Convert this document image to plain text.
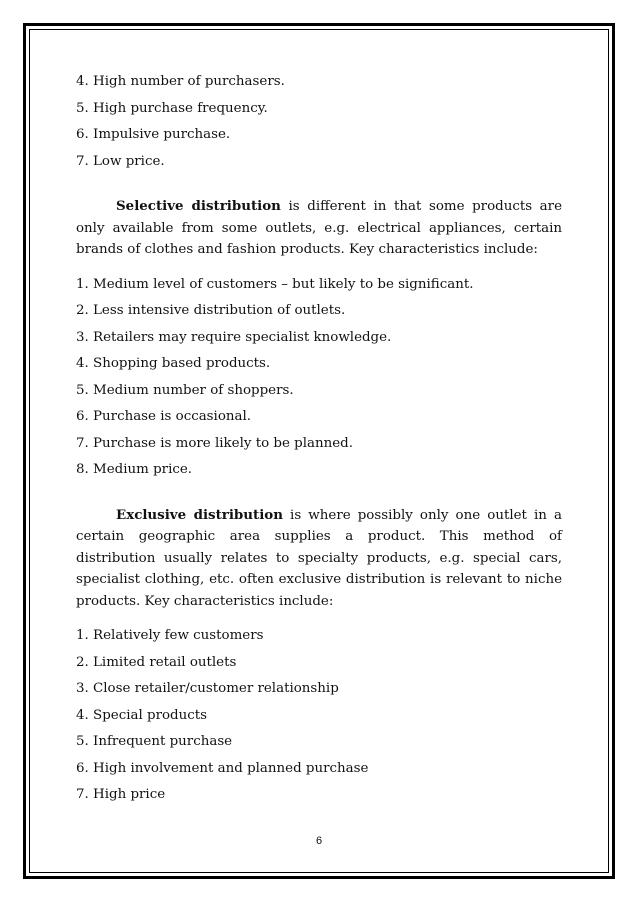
4. High number of purchasers.
5. High purchase frequency.
6. Impulsive purchase.
7. Low price.

Selective distribution is different in that some products are only available from some outlets, e.g. electrical appliances, certain brands of clothes and fashion products. Key characteristics include:

1. Medium level of customers – but likely to be significant.
2. Less intensive distribution of outlets.
3. Retailers may require specialist knowledge.
4. Shopping based products.
5. Medium number of shoppers.
6. Purchase is occasional.
7. Purchase is more likely to be planned.
8. Medium price.

Exclusive distribution is where possibly only one outlet in a certain geographic area supplies a product. This method of distribution usually relates to specialty products, e.g. special cars, specialist clothing, etc. often exclusive distribution is relevant to niche products. Key characteristics include:

1. Relatively few customers
2. Limited retail outlets
3. Close retailer/customer relationship
4. Special products
5. Infrequent purchase
6. High involvement and planned purchase
7. High price
6
